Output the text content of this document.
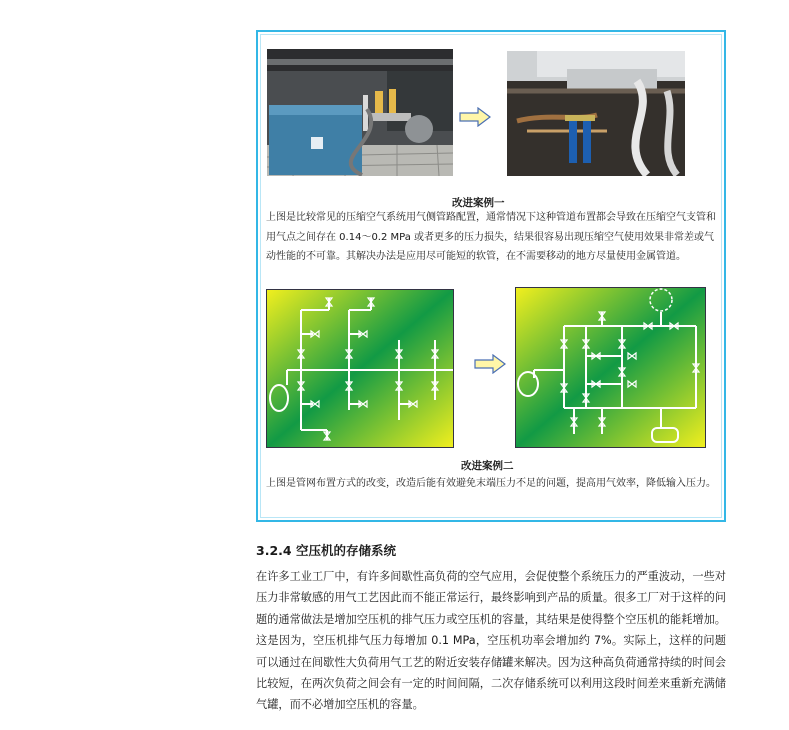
改进案例一
上图是比较常见的压缩空气系统用气侧管路配置，通常情况下这种管道布置都会导致在压缩空气支管和用气点之间存在 0.14～0.2 MPa 或者更多的压力损失，结果很容易出现压缩空气使用效果非常差或气动性能的不可靠。其解决办法是应用尽可能短的软管，在不需要移动的地方尽量使用金属管道。
改进案例二
上图是管网布置方式的改变，改造后能有效避免末端压力不足的问题，提高用气效率，降低输入压力。
3.2.4 空压机的存储系统
在许多工业工厂中，有许多间歇性高负荷的空气应用，会促使整个系统压力的严重波动，一些对压力非常敏感的用气工艺因此而不能正常运行，最终影响到产品的质量。很多工厂对于这样的问题的通常做法是增加空压机的排气压力或空压机的容量，其结果是使得整个空压机的能耗增加。这是因为，空压机排气压力每增加 0.1 MPa，空压机功率会增加约 7%。实际上，这样的问题可以通过在间歇性大负荷用气工艺的附近安装存储罐来解决。因为这种高负荷通常持续的时间会比较短，在两次负荷之间会有一定的时间间隔，二次存储系统可以利用这段时间差来重新充满储气罐，而不必增加空压机的容量。
